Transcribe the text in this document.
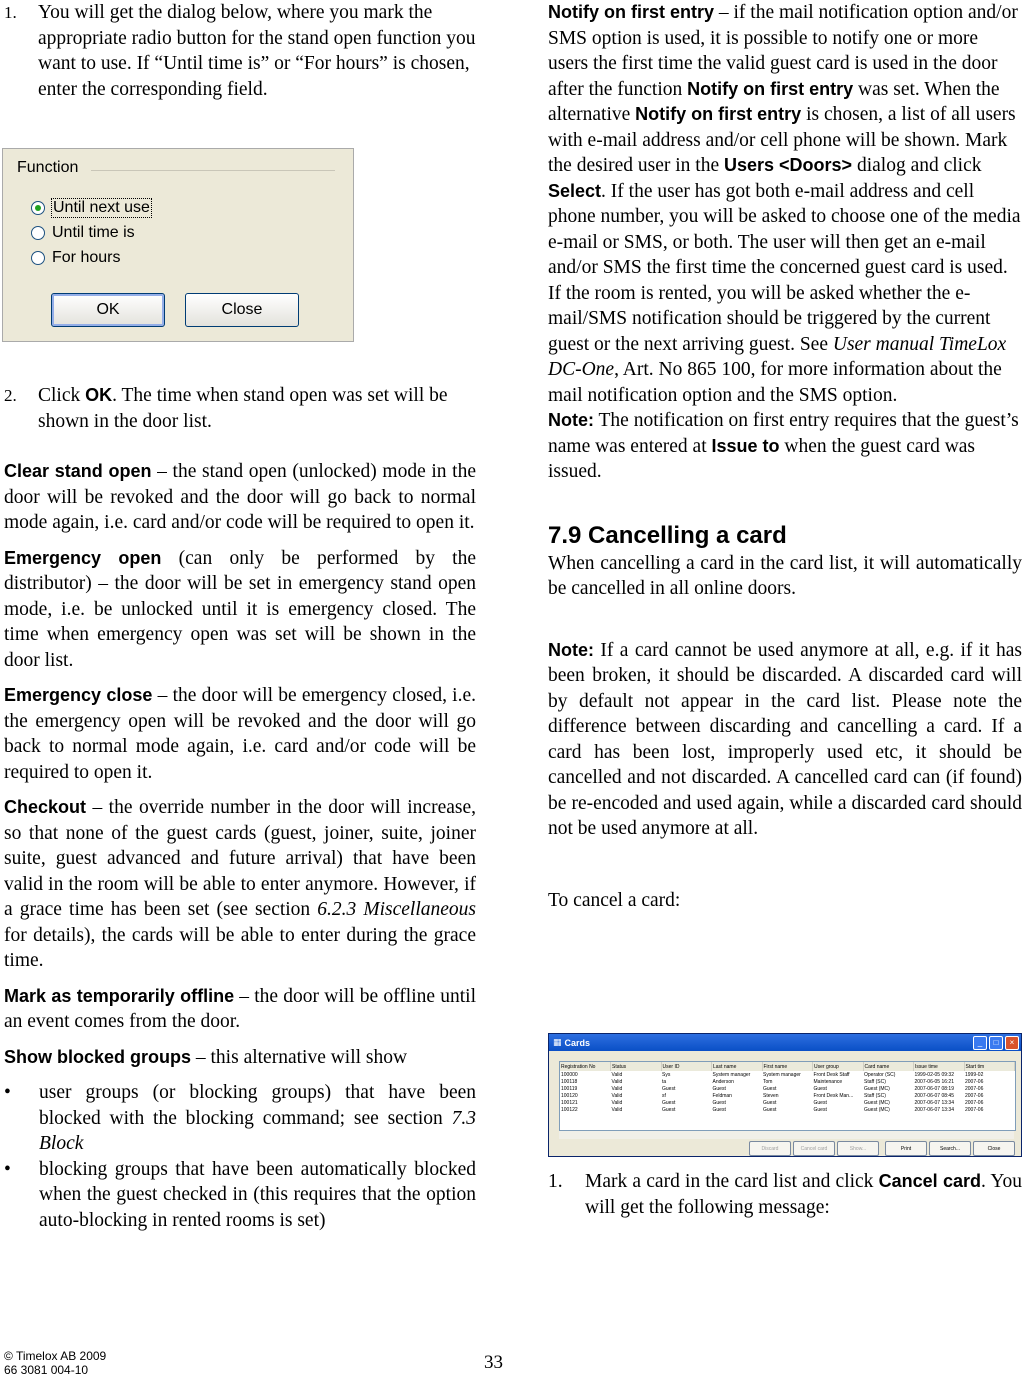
1.	You will get the dialog below, where you mark the appropriate radio button for the stand open function you want to use. If “Until time is” or “For hours” is chosen, enter the corresponding field.
Function
Until next use
Until time is
For hours
OK	Close
2.	Click OK. The time when stand open was set will be shown in the door list.

Clear stand open – the stand open (unlocked) mode in the door will be revoked and the door will go back to normal mode again, i.e. card and/or code will be required to open it.

Emergency open (can only be performed by the distributor) – the door will be set in emergency stand open mode, i.e. be unlocked until it is emergency closed. The time when emergency open was set will be shown in the door list.

Emergency close – the door will be emergency closed, i.e. the emergency open will be revoked and the door will go back to normal mode again, i.e. card and/or code will be required to open it.

Checkout – the override number in the door will increase, so that none of the guest cards (guest, joiner, suite, joiner suite, guest advanced and future arrival) that have been valid in the room will be able to enter anymore. However, if a grace time has been set (see section 6.2.3 Miscellaneous for details), the cards will be able to enter during the grace time.

Mark as temporarily offline – the door will be offline until an event comes from the door.

Show blocked groups – this alternative will show

• user groups (or blocking groups) that have been blocked with the blocking command; see section 7.3 Block
• blocking groups that have been automatically blocked when the guest checked in (this requires that the option auto-blocking in rented rooms is set)

Notify on first entry – if the mail notification option and/or SMS option is used, it is possible to notify one or more users the first time the valid guest card is used in the door after the function Notify on first entry was set. When the alternative Notify on first entry is chosen, a list of all users with e-mail address and/or cell phone will be shown. Mark the desired user in the Users <Doors> dialog and click Select. If the user has got both e-mail address and cell phone number, you will be asked to choose one of the media e-mail or SMS, or both. The user will then get an e-mail and/or SMS the first time the concerned guest card is used. If the room is rented, you will be asked whether the e-mail/SMS notification should be triggered by the current guest or the next arriving guest. See User manual TimeLox DC-One, Art. No 865 100, for more information about the mail notification option and the SMS option.

Note: The notification on first entry requires that the guest’s name was entered at Issue to when the guest card was issued.

7.9 Cancelling a card

When cancelling a card in the card list, it will automatically be cancelled in all online doors.

Note: If a card cannot be used anymore at all, e.g. if it has been broken, it should be discarded. A discarded card will by default not appear in the card list. Please note the difference between discarding and cancelling a card. If a card has been lost, improperly used etc, it should be cancelled and not discarded. A cancelled card can (if found) be re-encoded and used again, while a discarded card should not be used anymore at all.

To cancel a card:

▦ Cards	_	□	×
Registration No	Status	User ID	Last name	First name	User group	Card name	Issue time	Start tim
100000	Valid	Sys	System manager	System manager	Front Desk Staff	Operator (SC)	1999-02-05 09:32	1999-02
100118	Valid	ta	Anderson	Tom	Maintenance	Staff (SC)	2007-06-05 16:21	2007-06
100119	Valid	Guest	Guest	Guest	Guest	Guest (MC)	2007-06-07 08:19	2007-06
100120	Valid	sf	Feldman	Steven	Front Desk Man...	Staff (SC)	2007-06-07 08:45	2007-06
100121	Valid	Guest	Guest	Guest	Guest	Guest (MC)	2007-06-07 13:34	2007-06
100122	Valid	Guest	Guest	Guest	Guest	Guest (MC)	2007-06-07 13:34	2007-06
Discard	Cancel card	Show...	Print	Search...	Close
1. Mark a card in the card list and click Cancel card. You will get the following message:
© Timelox AB 2009
66 3081 004-10	33
